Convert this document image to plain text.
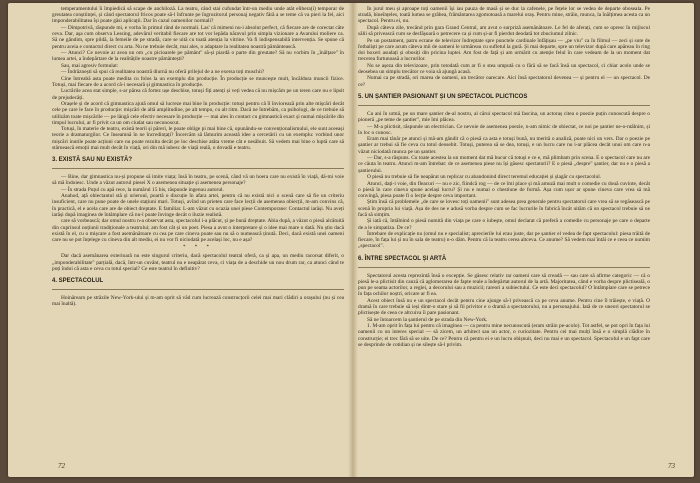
temperamentului îi împiedică să scape de anchiloză. La teatru, când stai cufundat într-un mediu unde atât elibera(i) temporar de greutatea conștiinței, și când spectatorul fricos poate să-l înfrunte pe îngrozitorul personaj negativ fără a se teme că va pieri la fel, aici imponderabilitatea își poate găsi aplicații. Dar în cazul oamenilor normali?

— Dimpotrivă, răspunde mi, e vorba în primul rând de normali. Las' că mimeni nu-i absolut perfect, că fiecare are de corectat câte ceva. Dar, aşa cum observa Lessing, adevărul veritabil fiecare are tot vor lepăda năravul prin simpla vizionare a Avarului moliere ca. Să ne gândim, spre pildă, la femeile de pe stradă, care se uită cu toată atenția la vitrine. Va fi indispensabilă intervenția. Se spune că pentru aceia e contactul direct cu arta. Nu ne trebuie decât, mai ales, o adaptare la realitatea noastră pământească.

— Atunci? Ce nevoie ar avea un om „cu picioarele pe pământ" să-și piardă o parte din greutate? Să nu vorbim în „înălțare" în lumea artei, a îndepărtare de la realitățile noastre pământești?

Sau, mai agresiv formulat:

— Îndrăznești să spui că realitatea noastră diurnă nu oferă prilejul de a ne exersa toți muschii?

Cine întreabă asta poate medita cu folos la un exemplu din producție. În producție se muncește mult, încăldura muncii fizice. Totuși, mai fiecare de a acord că-i necesară și gimnastica în producție.

Lucrările acea stat simple, s-ar părea că fortez ușe deschise, totuși fiți atenți și veți vedea că nu mișcăm pe un teren care nu e lipsit de prejudecăți.

Orașele și de acord că gimnastica ajută omul să lucreze mai bine în producție: totuși pentru că îl învioreazã prin alte mișcări decât cele pe care le face în producție: mișcări de altă amplitudine, pe alt tempo, cu alt ritm. Dacă ne întrebăm, ca psihologi, de ce trebuie să utilizăm toate mișcările — pe lângă cele efectiv necesare în producție — mai ales în contact cu gimnastică exact și numai mișcările din timpul lucrului, ar fi privit ca un om ciudat sau necunoscut.

Totuși, în materie de teatru, există teorii și păreri, le poate oblige pi mai bine că, opunându-se convenționalismului, ele sunt aceeași teorie a dramaturgilor. Ce înseamnă în ne încredințați? Încercăm să lămurim această idee a cercetării cu un exemplu: vorbind unor mișcări inutile poate acțiuni care nu poate rezulta decât pe loc deschise atâta vreme cât e nesăbuit. Să vedem mai bine o luptă care să stârnească emoții mai mult decât în viață, ori din mă iubesc de viață reală, o dovadă e teatru.

3. EXISTĂ SAU NU EXISTĂ?

— Bine, dar gimnastica nu-și propune să imite viața; însă în teatru, pe scenă, când vă un hoera care nu există în viață, dă-mi voie să mă îndoiesc. Unde a văzut autorul piesei X o asemenea situație și asemenea personaje?

— În strada Puțul cu apă rece, la numărul 15 bis, răspunde ingenuu autorul.

Anahod, ață obiectantul stă și urieruul, poartă o discuție în afara artei, pentru că nu există nici o scenă care să fie un criteriu insuficient, care nu pune poate de unele stațiuni mari. Totuși, avînd un prieten care face lecții de asemenea obiecții, m-am convins că, în practică, el e acela care are de obiect dreptate. E familiar. L-am văzut cu ocazia unei piese Contemporane: Contactul iarăși. Nu aveți iarăși după imaginea de întâmplare că nu-l poate învinge decât o iluzie realistă.

care să vorbească; dar omul nostru n-a observat asta, spectacolul i-a plăcut, și pe bună dreptate. Abia după, a văzut o piesă alcătuită din cuprinsul noțiunii tradiționale a teatrului; am fost cât și un poet. Piesa a avut o interpretare și o idee mai mare o dată. Nu știu dacă există în el, cu o mișcare a fost asemănătoare cu cea pe care cineva poate sau nu să o numească ținută. Deci, dacă există unei oameni care nu se pot înțelege cu cineva din alt mediu, ei nu vor fi niciodată pe același loc, nu e așa?

* * *

Dar dacă asemănarea exterioară nu este singurul criteriu, dacă spectacolul teatral oferă, ca și apa, un mediu racorsat diferit, o „imponderabilitate" parțială, dacă, într-un cuvânt, teatrul nu e neapărat ceva, ci viața de a deschide un nou drum rar, ca atunci când te poți îndoi că asta e ceva cu totul special? Ce este teatrul în definitiv?

4. SPECTACOLUL

Hoinărearn pe străzile New-York-ului și m-am oprit să văd cum lucrează construcțorii celei mai mari clădiri a orașului (nu și cea mai înaltă).

În jurul meu și aproape toți oamenii își iau pauza de masă și se duc la cafenele, pe fețele lor se vedea de departe oboseala. Pe stradă, bineînțeles, toată lumea se grăbea, frământarea zgomotoasă a marelui oraș. Pentru mine, străin, munca, la înălțimea acesta ca un spectacol. Pentru ei, nu.

După câteva zile, trecând prin gara Grand Central, am avut o surpriză asemănătoare. Le fel de aferați, cum se opresc în mijlocul sălii să privească cum se desfășoară o petrecere ca și cum și-ar fi pierdut deodată tot zbuciumul zilnic.

Pe un postament, patru ecrane de televizor îndreptate spre punctele cardinale înfățișau — „pe viu" ca în filmul — zeci și sute de fotbaliști pe care acum câteva mii de oameni le urmăreau cu sufletul la gură. Și mai departe, spre un televizor după care apăreau în ring doi boxeri asudați și obosiți din pricina luptei. Am fost de față și am urmărit cu atenție felul în care vedeam de la un moment dat trecerea furtunoasă a lucrurilor.

Nu se așeza din televizoare, prin totodată cum ar fi o stea umpută cu o fără să se facă însă un spectacol, ci chiar acolo unde se deosebea un simplu trecător ce voia să ajungă acasă.

Numai ca pe stradă, ori marea de oameni, un trecător oarecare. Aici însă spectatorul devenea — și pentru el — un spectacol. De ce?

5. UN ȘANTIER PASIONANT ȘI UN SPECTACOL PLICTICOS

Cu ani în urmă, pe un mare șantier de-al nostru, al cărui spectacol mă fascina, un actoraș citea o poezie puțin cunoscută despre o pioneră „pe teme de șantier", mie îmi plăcea.

— M-a plictisit, răspunde un electrician. Ce nevoie de asemenea poezie, n-am nimic de obiectat, ce noi pe șantier ne-o-ntâlnim, și în loc o cunosc.

Eram mai tânăr pe atunci și mă-am gândit că o piesă ca asta e totuși bună, nu merită o analiză, poate nici un vers. Dar o poezie pe șantier ar trebui să fie ceva cu totul deosebit. Totuși, puterea să se dea, totuși, e un lucru care nu i-ar plăcea decât unui om care n-a văzut niciodată munca pe un șantier.

— Dar, s-a răspuns. Cu toate acestea la un moment dat mă bucur că totuși e ce e, mă plimbam prin scena. E o spectacol care nu are ce căuta în teatru. Atunci m-am întrebat: de ce asemenea piese nu își găsesc spectatorii? E o piesă „despre" șantier, dar nu e o piesă a șantierului.

O piesă nu trebuie să fie neapărat un replicar cu abandonind direct teremul educației și șlagăr cu spectacolul.

Atunci, dați-i voie, din fleacuri — nu e zic, fiindcă rog — de ce îmi place și mă amuză mai mult o comedie cu două cuvinte, decât o piesă în care cineva spune același lucru? Și nu e numai o chestiune de formă. Așa cum ușor ar spune cineva care vrea să mă convingă, piesa poate fi o lecție despre ceva important.

Știm însă că problemele „de care se lovesc toți oamenii" sunt adesea prea generale pentru spectatorul care vrea să se regăsească pe scenă în propria lui viață. Așa de des ne e adusă vorba despre cum se fac lucrurile în fabrică încât uităm că un spectacol trebuie să ne facă să simțim.

Și iată că, întâlnind o piesă numită din viața pe care o iubeşte, omul declarat că preferă a comedie cu personaje pe care o departe de a le simpatiza. De ce?

Întrebare de explicație nu (omul nu e specialist; aprecierile lui erau juste, dar pe șantier el vedea de fapt spectacolul: piesa trăită de fiecare, în fața lui și nu în sala de teatru) n-o dăm. Pentru că la teatru cerea altceva. Ce anume? Să vedem mai întâi ce e ceea ce numim „spectacol".

6. ÎNTRE SPECTACOL ȘI ARTĂ

Spectatorul acesta reprezintă însă o excepție. Se găsesc relativ rar oameni care să creadă — sau care să afirme categoric — că o piesă le-a plictisit din cauză că aglomerarea de fapte reale a îndepărtat autorul de la artă. Majoritatea, când e vorba despre plictiseală, o pun pe seama actorilor, a regiei, a decorului sau a muzicii; rareori a subiectului. Ce este deci spectacolul? O întâmplare care se petrece în fața ochilor noștri, oricare ar fi ea.

Acest obiect însă nu e un spectacol decât pentru cine ajunge să-l privească ca pe ceva anume. Pentru cine îl trăiește, e viață. O dramă în care trebuie să ieși dintr-o stare și să fii privitor e o dramă a spectatorului, nu a personajului. Iată de ce uneori spectatorul se plictisește de ceea ce altcuiva îi pare pasionant.

Să ne întoarcem la șantierul de pe strada din New-York.

1. M-am oprit în fața lui pentru că imaginea — ca pentru mine necunoscută (eram străin pe-acolo). Tot astfel, se pot opri în fața lui oamenii cu un interes special — să zicem, un arhitect sau un actor, o curiozitate. Pentru cei mai mulți însă e o simplă clădire în construcție; ei trec fără să se uite. De ce? Pentru că pentru ei e un lucru obișnuit, deci nu mai e un spectacol. Spectacolul e un fapt care se desprinde de cotidian și ne silește să-l privim.

72	73
